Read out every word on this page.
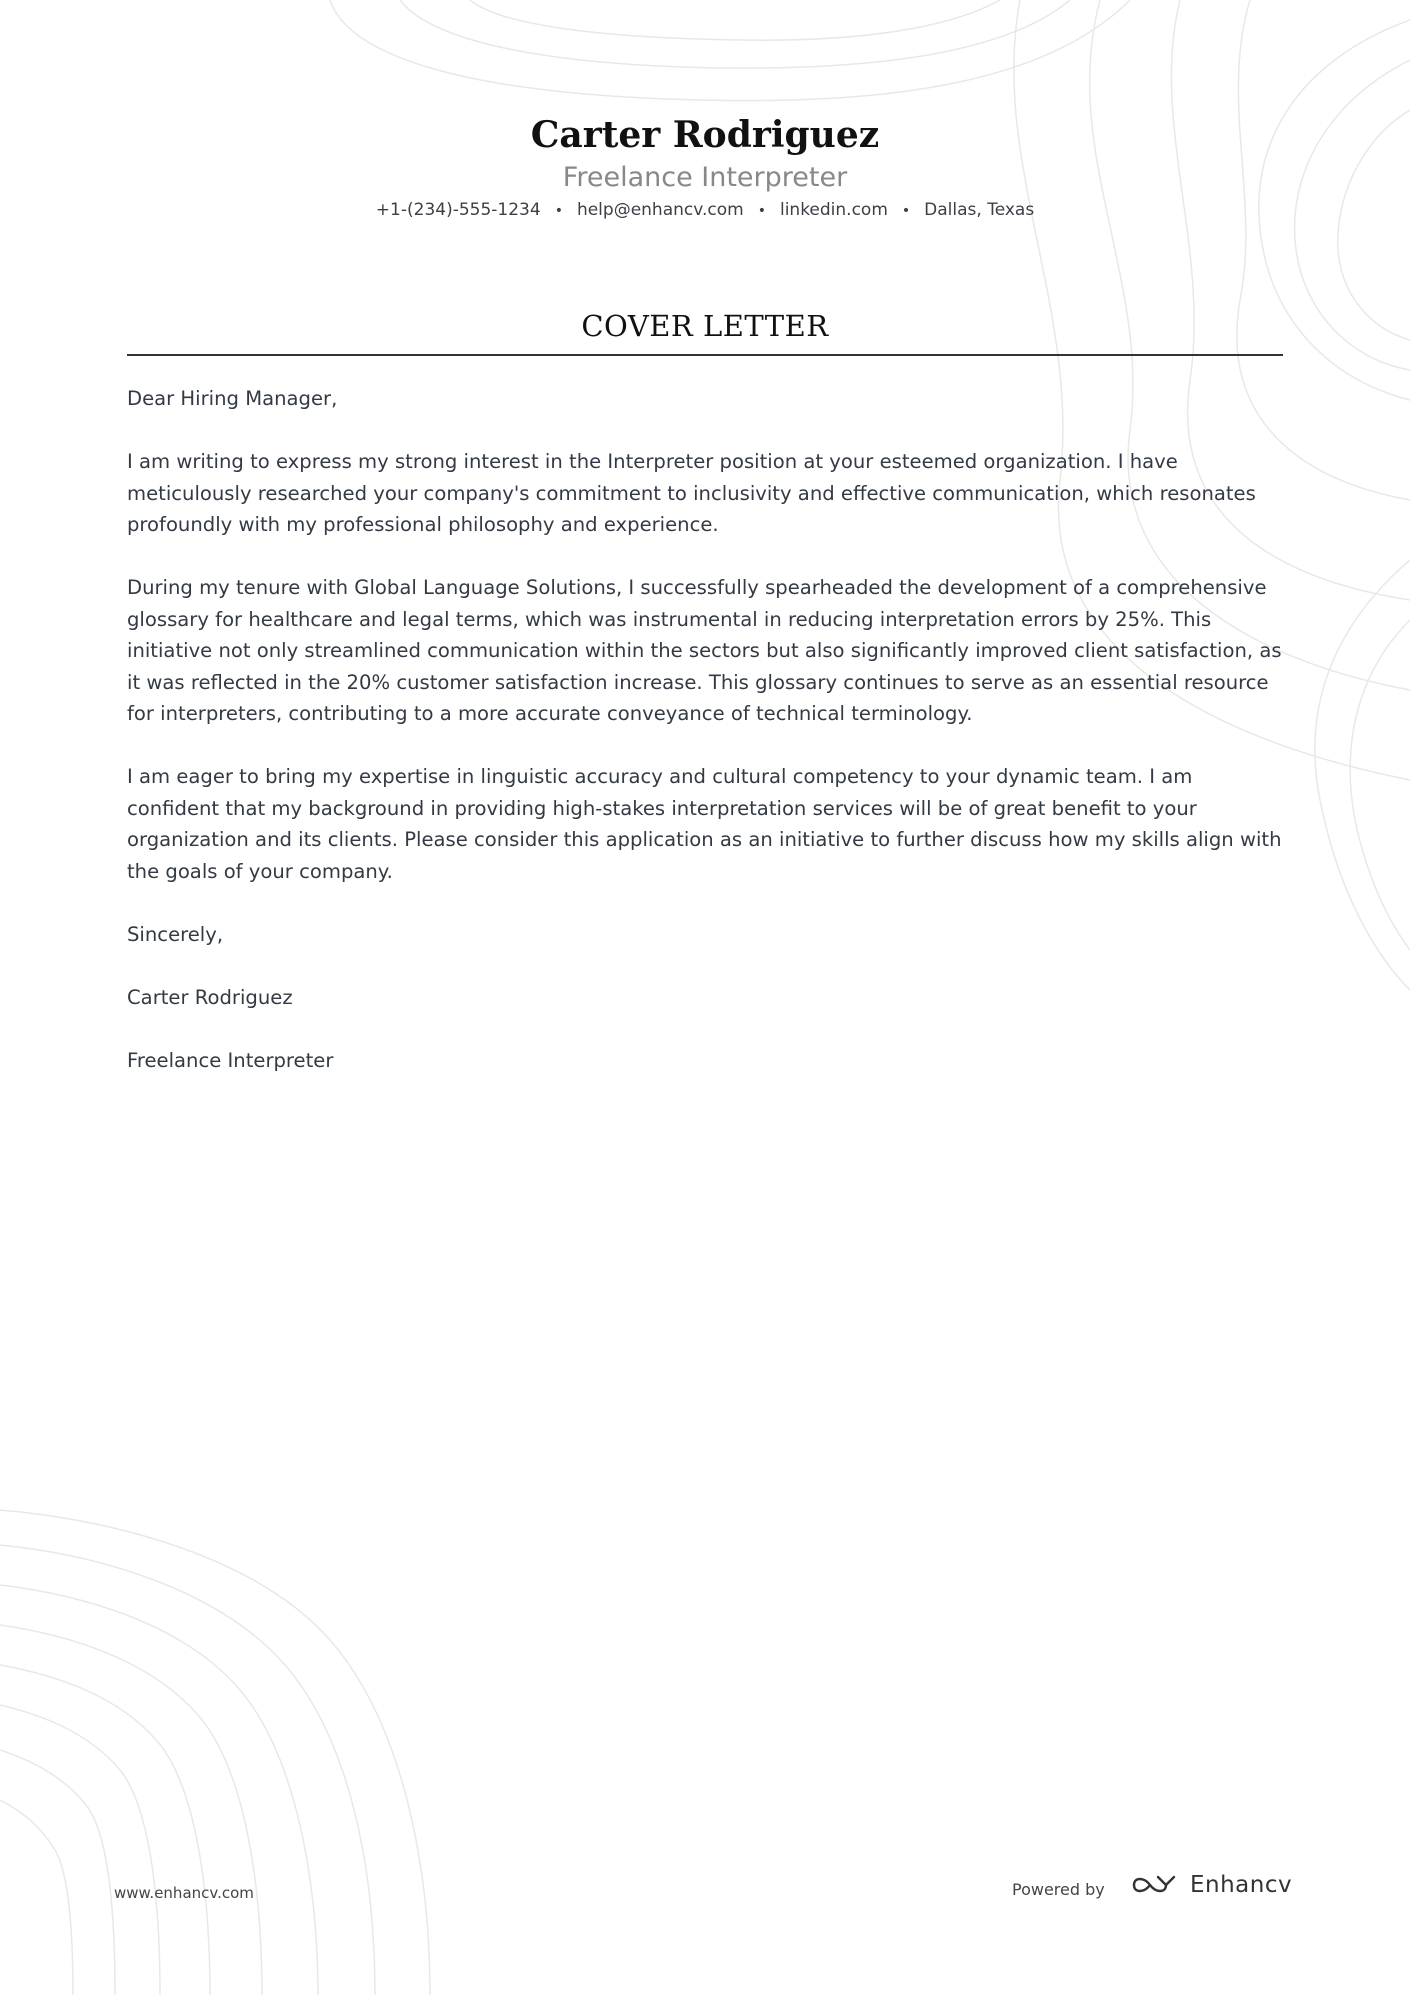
Carter Rodriguez
Freelance Interpreter
+1-(234)-555-1234 • help@enhancv.com • linkedin.com • Dallas, Texas
COVER LETTER

Dear Hiring Manager,

I am writing to express my strong interest in the Interpreter position at your esteemed organization. I have meticulously researched your company's commitment to inclusivity and effective communication, which resonates profoundly with my professional philosophy and experience.

During my tenure with Global Language Solutions, I successfully spearheaded the development of a comprehensive glossary for healthcare and legal terms, which was instrumental in reducing interpretation errors by 25%. This initiative not only streamlined communication within the sectors but also significantly improved client satisfaction, as it was reflected in the 20% customer satisfaction increase. This glossary continues to serve as an essential resource for interpreters, contributing to a more accurate conveyance of technical terminology.

I am eager to bring my expertise in linguistic accuracy and cultural competency to your dynamic team. I am confident that my background in providing high-stakes interpretation services will be of great benefit to your organization and its clients. Please consider this application as an initiative to further discuss how my skills align with the goals of your company.

Sincerely,

Carter Rodriguez

Freelance Interpreter

www.enhancv.com	Powered by	Enhancv
